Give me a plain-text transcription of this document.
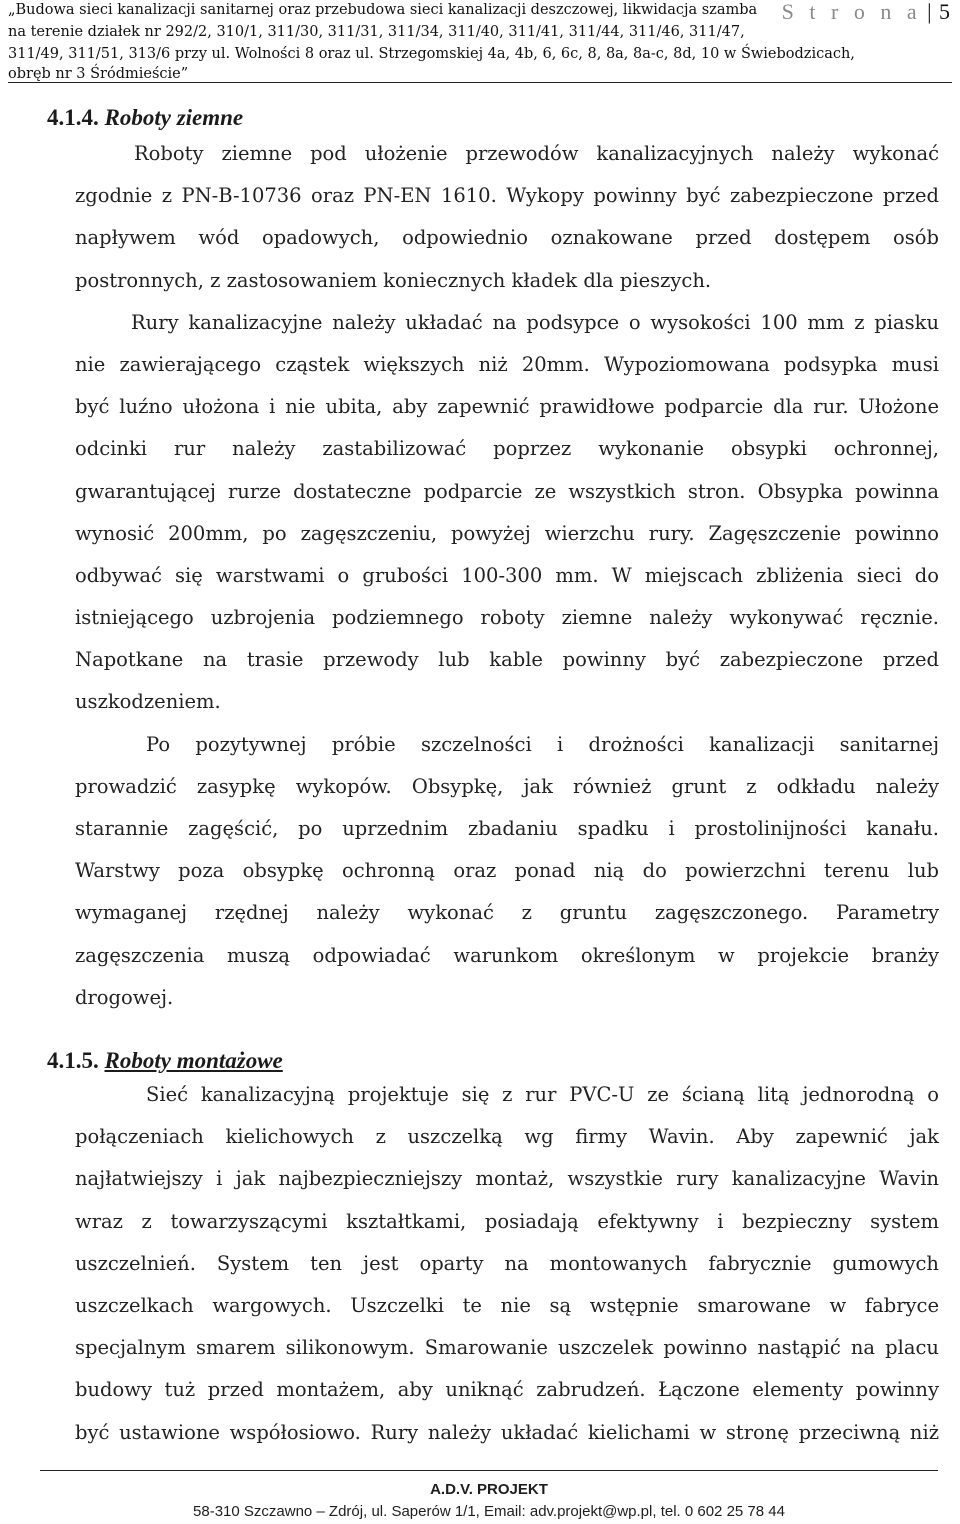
„Budowa sieci kanalizacji sanitarnej oraz przebudowa sieci kanalizacji deszczowej, likwidacja szamba
na terenie działek nr 292/2, 310/1, 311/30, 311/31, 311/34, 311/40, 311/41, 311/44, 311/46, 311/47,
311/49, 311/51, 313/6 przy ul. Wolności 8 oraz ul. Strzegomskiej 4a, 4b, 6, 6c, 8, 8a, 8a-c, 8d, 10 w Świebodzicach,
obręb nr 3 Śródmieście”
S t r o n a | 5
4.1.4. Roboty ziemne
Roboty ziemne pod ułożenie przewodów kanalizacyjnych należy wykonać
zgodnie z PN-B-10736 oraz PN-EN 1610. Wykopy powinny być zabezpieczone przed
napływem wód opadowych, odpowiednio oznakowane przed dostępem osób
postronnych, z zastosowaniem koniecznych kładek dla pieszych.
Rury kanalizacyjne należy układać na podsypce o wysokości 100 mm z piasku
nie zawierającego cząstek większych niż 20mm. Wypoziomowana podsypka musi
być luźno ułożona i nie ubita, aby zapewnić prawidłowe podparcie dla rur. Ułożone
odcinki rur należy zastabilizować poprzez wykonanie obsypki ochronnej,
gwarantującej rurze dostateczne podparcie ze wszystkich stron. Obsypka powinna
wynosić 200mm, po zagęszczeniu, powyżej wierzchu rury. Zagęszczenie powinno
odbywać się warstwami o grubości 100-300 mm. W miejscach zbliżenia sieci do
istniejącego uzbrojenia podziemnego roboty ziemne należy wykonywać ręcznie.
Napotkane na trasie przewody lub kable powinny być zabezpieczone przed
uszkodzeniem.
Po pozytywnej próbie szczelności i drożności kanalizacji sanitarnej
prowadzić zasypkę wykopów. Obsypkę, jak również grunt z odkładu należy
starannie zagęścić, po uprzednim zbadaniu spadku i prostolinijności kanału.
Warstwy poza obsypkę ochronną oraz ponad nią do powierzchni terenu lub
wymaganej rzędnej należy wykonać z gruntu zagęszczonego. Parametry
zagęszczenia muszą odpowiadać warunkom określonym w projekcie branży
drogowej.
4.1.5. Roboty montażowe
Sieć kanalizacyjną projektuje się z rur PVC-U ze ścianą litą jednorodną o
połączeniach kielichowych z uszczelką wg firmy Wavin. Aby zapewnić jak
najłatwiejszy i jak najbezpieczniejszy montaż, wszystkie rury kanalizacyjne Wavin
wraz z towarzyszącymi kształtkami, posiadają efektywny i bezpieczny system
uszczelnień. System ten jest oparty na montowanych fabrycznie gumowych
uszczelkach wargowych. Uszczelki te nie są wstępnie smarowane w fabryce
specjalnym smarem silikonowym. Smarowanie uszczelek powinno nastąpić na placu
budowy tuż przed montażem, aby uniknąć zabrudzeń. Łączone elementy powinny
być ustawione współosiowo. Rury należy układać kielichami w stronę przeciwną niż
A.D.V. PROJEKT
58-310 Szczawno – Zdrój, ul. Saperów 1/1, Email: adv.projekt@wp.pl, tel. 0 602 25 78 44
